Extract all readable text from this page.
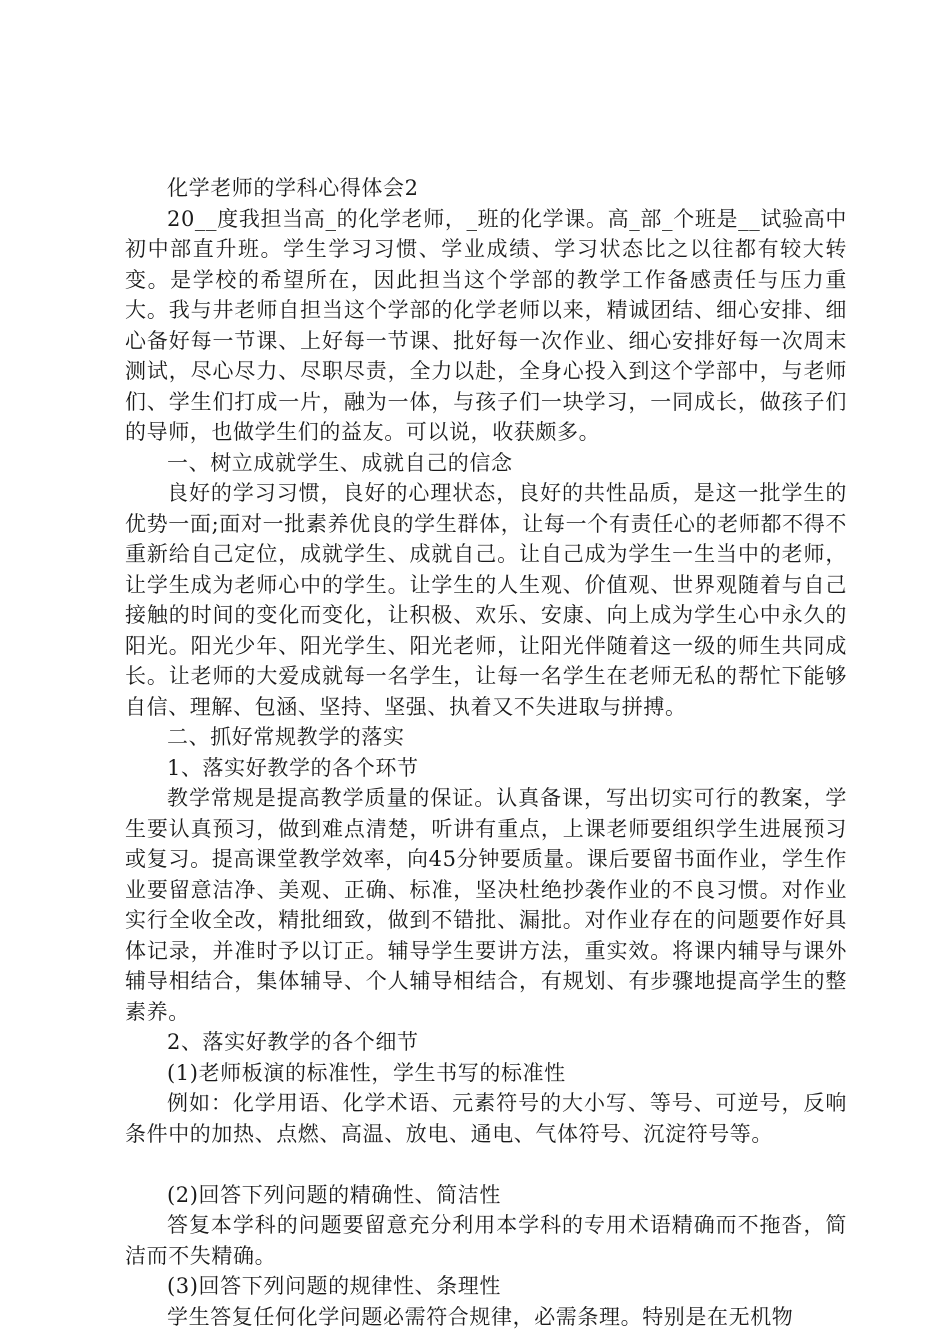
化学老师的学科心得体会2

20__度我担当高_的化学老师，_班的化学课。高_部_个班是__试验高中初中部直升班。学生学习习惯、学业成绩、学习状态比之以往都有较大转变。是学校的希望所在，因此担当这个学部的教学工作备感责任与压力重大。我与井老师自担当这个学部的化学老师以来，精诚团结、细心安排、细心备好每一节课、上好每一节课、批好每一次作业、细心安排好每一次周末测试，尽心尽力、尽职尽责，全力以赴，全身心投入到这个学部中，与老师们、学生们打成一片，融为一体，与孩子们一块学习，一同成长，做孩子们的导师，也做学生们的益友。可以说，收获颇多。

一、树立成就学生、成就自己的信念

良好的学习习惯，良好的心理状态，良好的共性品质，是这一批学生的优势一面;面对一批素养优良的学生群体，让每一个有责任心的老师都不得不重新给自己定位，成就学生、成就自己。让自己成为学生一生当中的老师，让学生成为老师心中的学生。让学生的人生观、价值观、世界观随着与自己接触的时间的变化而变化，让积极、欢乐、安康、向上成为学生心中永久的阳光。阳光少年、阳光学生、阳光老师，让阳光伴随着这一级的师生共同成长。让老师的大爱成就每一名学生，让每一名学生在老师无私的帮忙下能够自信、理解、包涵、坚持、坚强、执着又不失进取与拼搏。

二、抓好常规教学的落实

1、落实好教学的各个环节

教学常规是提高教学质量的保证。认真备课，写出切实可行的教案，学生要认真预习，做到难点清楚，听讲有重点，上课老师要组织学生进展预习或复习。提高课堂教学效率，向45分钟要质量。课后要留书面作业，学生作业要留意洁净、美观、正确、标准，坚决杜绝抄袭作业的不良习惯。对作业实行全收全改，精批细致，做到不错批、漏批。对作业存在的问题要作好具体记录，并准时予以订正。辅导学生要讲方法，重实效。将课内辅导与课外辅导相结合，集体辅导、个人辅导相结合，有规划、有步骤地提高学生的整素养。

2、落实好教学的各个细节

(1)老师板演的标准性，学生书写的标准性

例如：化学用语、化学术语、元素符号的大小写、等号、可逆号，反响条件中的加热、点燃、高温、放电、通电、气体符号、沉淀符号等。

(2)回答下列问题的精确性、简洁性

答复本学科的问题要留意充分利用本学科的专用术语精确而不拖沓，简洁而不失精确。

(3)回答下列问题的规律性、条理性

学生答复任何化学问题必需符合规律，必需条理。特别是在无机物
